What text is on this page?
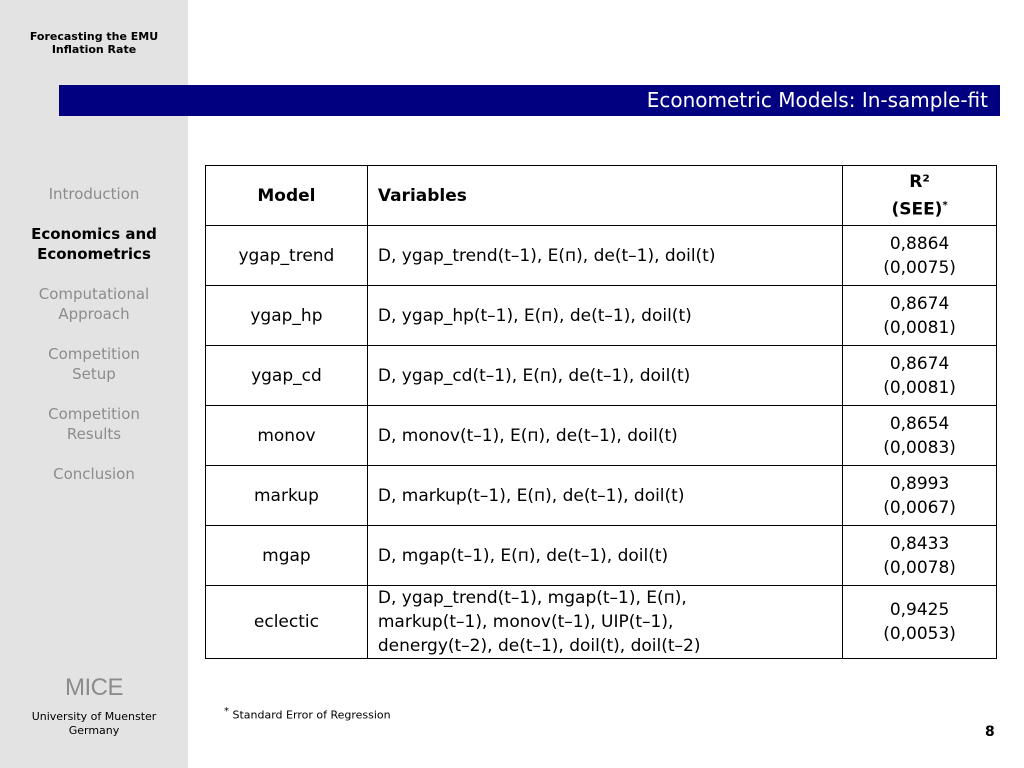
Forecasting the EMU
Inflation Rate
Introduction
Economics and
Econometrics
Computational
Approach
Competition
Setup
Competition
Results
Conclusion
MICE
University of Muenster
Germany
Econometric Models: In-sample-fit
Model	Variables	R²
(SEE)*

ygap_trend	D, ygap_trend(t–1), E(п), de(t–1), doil(t)	0,8864
(0,0075)

ygap_hp	D, ygap_hp(t–1), E(п), de(t–1), doil(t)	0,8674
(0,0081)

ygap_cd	D, ygap_cd(t–1), E(п), de(t–1), doil(t)	0,8674
(0,0081)

monov	D, monov(t–1), E(п), de(t–1), doil(t)	0,8654
(0,0083)

markup	D, markup(t–1), E(п), de(t–1), doil(t)	0,8993
(0,0067)

mgap	D, mgap(t–1), E(п), de(t–1), doil(t)	0,8433
(0,0078)

eclectic	D, ygap_trend(t–1), mgap(t–1), E(п),
markup(t–1), monov(t–1), UIP(t–1),
denergy(t–2), de(t–1), doil(t), doil(t–2)	0,9425
(0,0053)
* Standard Error of Regression
8
